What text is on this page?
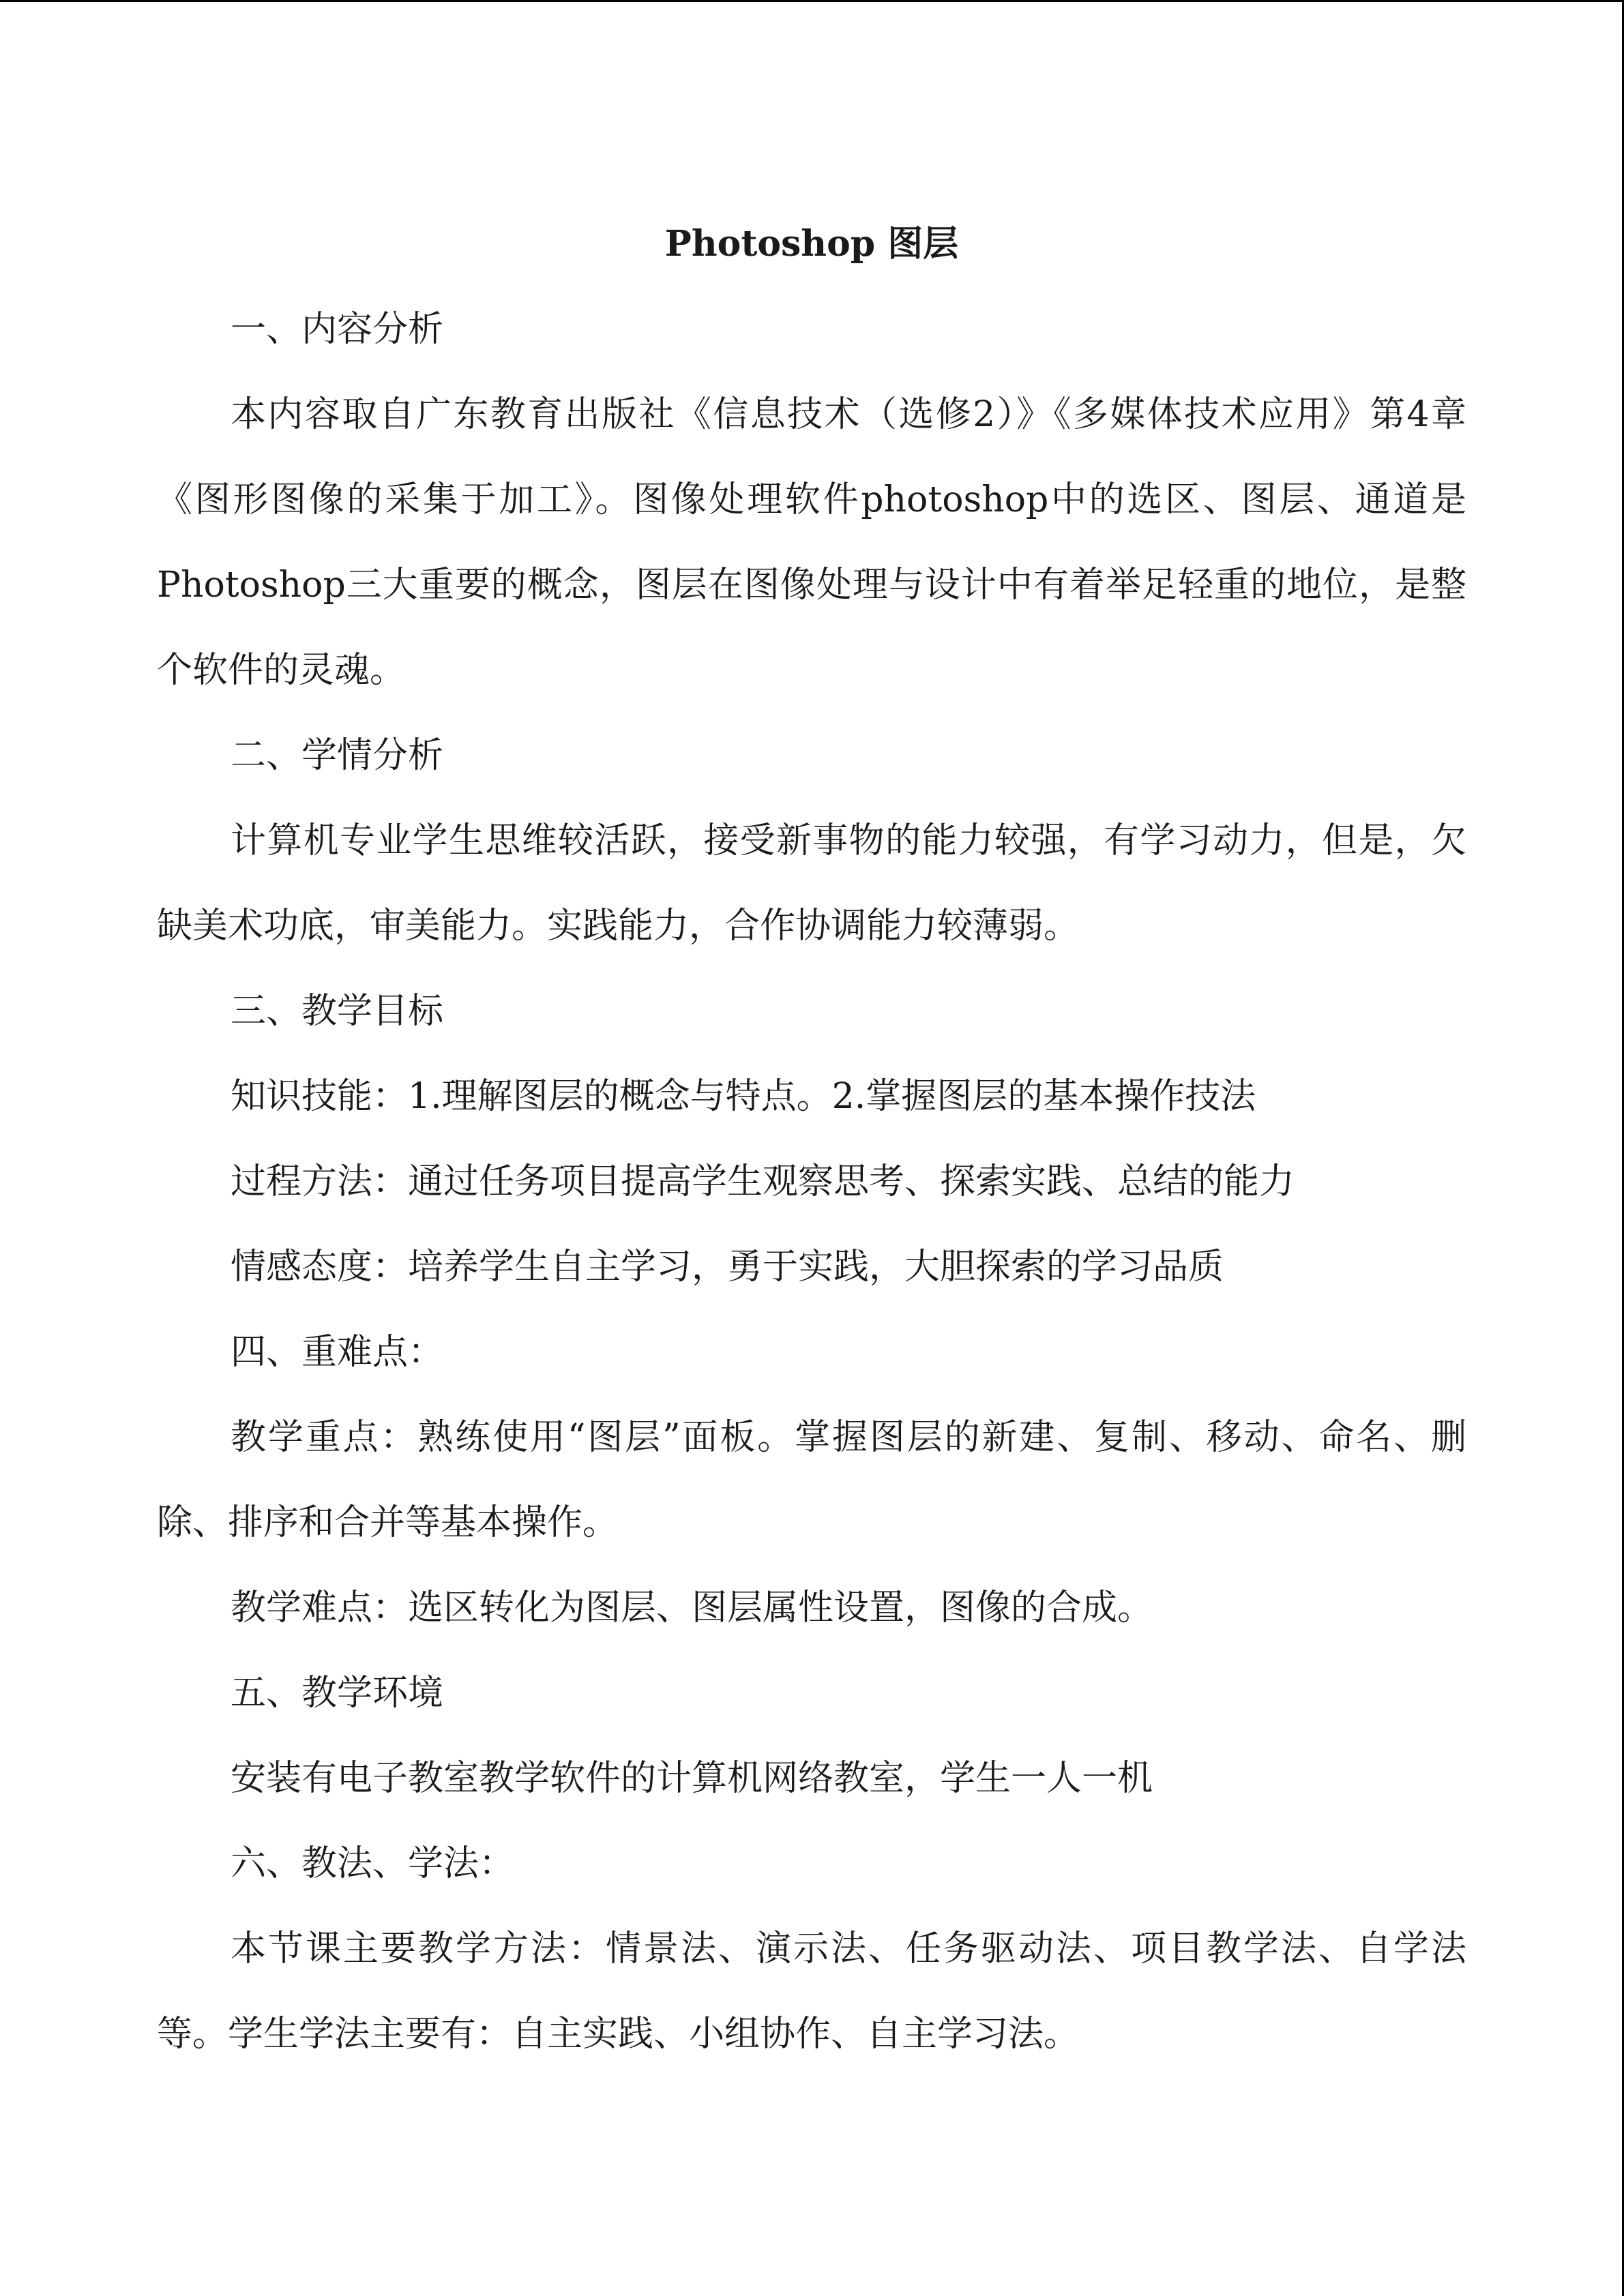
Photoshop 图层

一、内容分析

本内容取自广东教育出版社《信息技术（选修2）》《多媒体技术应用》第4章《图形图像的采集于加工》。图像处理软件photoshop中的选区、图层、通道是Photoshop三大重要的概念，图层在图像处理与设计中有着举足轻重的地位，是整个软件的灵魂。

二、学情分析

计算机专业学生思维较活跃，接受新事物的能力较强，有学习动力，但是，欠缺美术功底，审美能力。实践能力，合作协调能力较薄弱。

三、教学目标

知识技能：1.理解图层的概念与特点。2.掌握图层的基本操作技法

过程方法：通过任务项目提高学生观察思考、探索实践、总结的能力

情感态度：培养学生自主学习，勇于实践，大胆探索的学习品质

四、重难点：

教学重点：熟练使用“图层”面板。掌握图层的新建、复制、移动、命名、删除、排序和合并等基本操作。

教学难点：选区转化为图层、图层属性设置，图像的合成。

五、教学环境

安装有电子教室教学软件的计算机网络教室，学生一人一机

六、教法、学法：

本节课主要教学方法：情景法、演示法、任务驱动法、项目教学法、自学法等。学生学法主要有：自主实践、小组协作、自主学习法。
